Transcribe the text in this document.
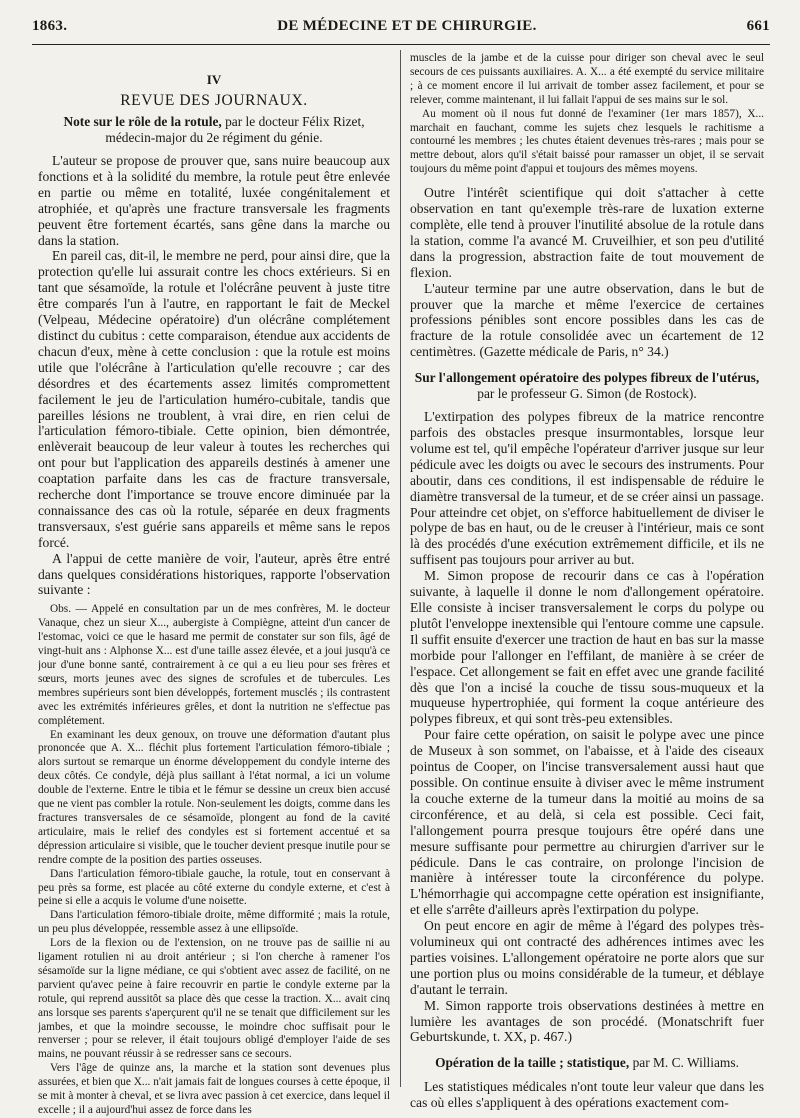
1863.	DE MÉDECINE ET DE CHIRURGIE.	661
IV
REVUE DES JOURNAUX.
Note sur le rôle de la rotule, par le docteur Félix Rizet,
médecin-major du 2e régiment du génie.

L'auteur se propose de prouver que, sans nuire beaucoup aux fonctions et à la solidité du membre, la rotule peut être enlevée en partie ou même en totalité, luxée congénitalement et atrophiée, et qu'après une fracture transversale les fragments peuvent être fortement écartés, sans gêne dans la marche ou dans la station.

En pareil cas, dit-il, le membre ne perd, pour ainsi dire, que la protection qu'elle lui assurait contre les chocs extérieurs. Si en tant que sésamoïde, la rotule et l'olécrâne peuvent à juste titre être comparés l'un à l'autre, en rapportant le fait de Meckel (Velpeau, Médecine opératoire) d'un olécrâne complétement distinct du cubitus : cette comparaison, étendue aux accidents de chacun d'eux, mène à cette conclusion : que la rotule est moins utile que l'olécrâne à l'articulation qu'elle recouvre ; car des désordres et des écartements assez limités compromettent facilement le jeu de l'articulation huméro-cubitale, tandis que pareilles lésions ne troublent, à vrai dire, en rien celui de l'articulation fémoro-tibiale. Cette opinion, bien démontrée, enlèverait beaucoup de leur valeur à toutes les recherches qui ont pour but l'application des appareils destinés à amener une coaptation parfaite dans les cas de fracture transversale, recherche dont l'importance se trouve encore diminuée par la connaissance des cas où la rotule, séparée en deux fragments transversaux, s'est guérie sans appareils et même sans le repos forcé.

A l'appui de cette manière de voir, l'auteur, après être entré dans quelques considérations historiques, rapporte l'observation suivante :

Obs. — Appelé en consultation par un de mes confrères, M. le docteur Vanaque, chez un sieur X..., aubergiste à Compiègne, atteint d'un cancer de l'estomac, voici ce que le hasard me permit de constater sur son fils, âgé de vingt-huit ans : Alphonse X... est d'une taille assez élevée, et a joui jusqu'à ce jour d'une bonne santé, contrairement à ce qui a eu lieu pour ses frères et sœurs, morts jeunes avec des signes de scrofules et de tubercules. Les membres supérieurs sont bien développés, fortement musclés ; ils contrastent avec les extrémités inférieures grêles, et dont la nutrition ne s'effectue pas complétement.

En examinant les deux genoux, on trouve une déformation d'autant plus prononcée que A. X... fléchit plus fortement l'articulation fémoro-tibiale ; alors surtout se remarque un énorme développement du condyle interne des deux côtés. Ce condyle, déjà plus saillant à l'état normal, a ici un volume double de l'externe. Entre le tibia et le fémur se dessine un creux bien accusé que ne vient pas combler la rotule. Non-seulement les doigts, comme dans les fractures transversales de ce sésamoïde, plongent au fond de la cavité articulaire, mais le relief des condyles est si fortement accentué et sa dépression articulaire si visible, que le toucher devient presque inutile pour se rendre compte de la position des parties osseuses.

Dans l'articulation fémoro-tibiale gauche, la rotule, tout en conservant à peu près sa forme, est placée au côté externe du condyle externe, et c'est à peine si elle a acquis le volume d'une noisette.

Dans l'articulation fémoro-tibiale droite, même difformité ; mais la rotule, un peu plus développée, ressemble assez à une ellipsoïde.

Lors de la flexion ou de l'extension, on ne trouve pas de saillie ni au ligament rotulien ni au droit antérieur ; si l'on cherche à ramener l'os sésamoïde sur la ligne médiane, ce qui s'obtient avec assez de facilité, on ne parvient qu'avec peine à faire recouvrir en partie le condyle externe par la rotule, qui reprend aussitôt sa place dès que cesse la traction. X... avait cinq ans lorsque ses parents s'aperçurent qu'il ne se tenait que difficilement sur les jambes, et que la moindre secousse, le moindre choc suffisait pour le renverser ; pour se relever, il était toujours obligé d'employer l'aide de ses mains, ne pouvant réussir à se redresser sans ce secours.

Vers l'âge de quinze ans, la marche et la station sont devenues plus assurées, et bien que X... n'ait jamais fait de longues courses à cette époque, il se mit à monter à cheval, et se livra avec passion à cet exercice, dans lequel il excelle ; il a aujourd'hui assez de force dans les

muscles de la jambe et de la cuisse pour diriger son cheval avec le seul secours de ces puissants auxiliaires. A. X... a été exempté du service militaire ; à ce moment encore il lui arrivait de tomber assez facilement, et pour se relever, comme maintenant, il lui fallait l'appui de ses mains sur le sol.

Au moment où il nous fut donné de l'examiner (1er mars 1857), X... marchait en fauchant, comme les sujets chez lesquels le rachitisme a contourné les membres ; les chutes étaient devenues très-rares ; mais pour se mettre debout, alors qu'il s'était baissé pour ramasser un objet, il se servait toujours du même point d'appui et toujours des mêmes moyens.

Outre l'intérêt scientifique qui doit s'attacher à cette observation en tant qu'exemple très-rare de luxation externe complète, elle tend à prouver l'inutilité absolue de la rotule dans la station, comme l'a avancé M. Cruveilhier, et son peu d'utilité dans la progression, abstraction faite de tout mouvement de flexion.

L'auteur termine par une autre observation, dans le but de prouver que la marche et même l'exercice de certaines professions pénibles sont encore possibles dans les cas de fracture de la rotule consolidée avec un écartement de 12 centimètres. (Gazette médicale de Paris, n° 34.)

Sur l'allongement opératoire des polypes fibreux de l'utérus, par le professeur G. Simon (de Rostock).

L'extirpation des polypes fibreux de la matrice rencontre parfois des obstacles presque insurmontables, lorsque leur volume est tel, qu'il empêche l'opérateur d'arriver jusque sur leur pédicule avec les doigts ou avec le secours des instruments. Pour aboutir, dans ces conditions, il est indispensable de réduire le diamètre transversal de la tumeur, et de se créer ainsi un passage. Pour atteindre cet objet, on s'efforce habituellement de diviser le polype de bas en haut, ou de le creuser à l'intérieur, mais ce sont là des procédés d'une exécution extrêmement difficile, et ils ne suffisent pas toujours pour arriver au but.

M. Simon propose de recourir dans ce cas à l'opération suivante, à laquelle il donne le nom d'allongement opératoire. Elle consiste à inciser transversalement le corps du polype ou plutôt l'enveloppe inextensible qui l'entoure comme une capsule. Il suffit ensuite d'exercer une traction de haut en bas sur la masse morbide pour l'allonger en l'effilant, de manière à se créer de l'espace. Cet allongement se fait en effet avec une grande facilité dès que l'on a incisé la couche de tissu sous-muqueux et la muqueuse hypertrophiée, qui forment la coque antérieure des polypes fibreux, et qui sont très-peu extensibles.

Pour faire cette opération, on saisit le polype avec une pince de Museux à son sommet, on l'abaisse, et à l'aide des ciseaux pointus de Cooper, on l'incise transversalement aussi haut que possible. On continue ensuite à diviser avec le même instrument la couche externe de la tumeur dans la moitié au moins de sa circonférence, et au delà, si cela est possible. Ceci fait, l'allongement pourra presque toujours être opéré dans une mesure suffisante pour permettre au chirurgien d'arriver sur le pédicule. Dans le cas contraire, on prolonge l'incision de manière à intéresser toute la circonférence du polype. L'hémorrhagie qui accompagne cette opération est insignifiante, et elle s'arrête d'ailleurs après l'extirpation du polype.

On peut encore en agir de même à l'égard des polypes très-volumineux qui ont contracté des adhérences intimes avec les parties voisines. L'allongement opératoire ne porte alors que sur une portion plus ou moins considérable de la tumeur, et déblaye d'autant le terrain.

M. Simon rapporte trois observations destinées à mettre en lumière les avantages de son procédé. (Monatschrift fuer Geburtskunde, t. XX, p. 467.)

Opération de la taille ; statistique, par M. C. Williams.

Les statistiques médicales n'ont toute leur valeur que dans les cas où elles s'appliquent à des opérations exactement com-
